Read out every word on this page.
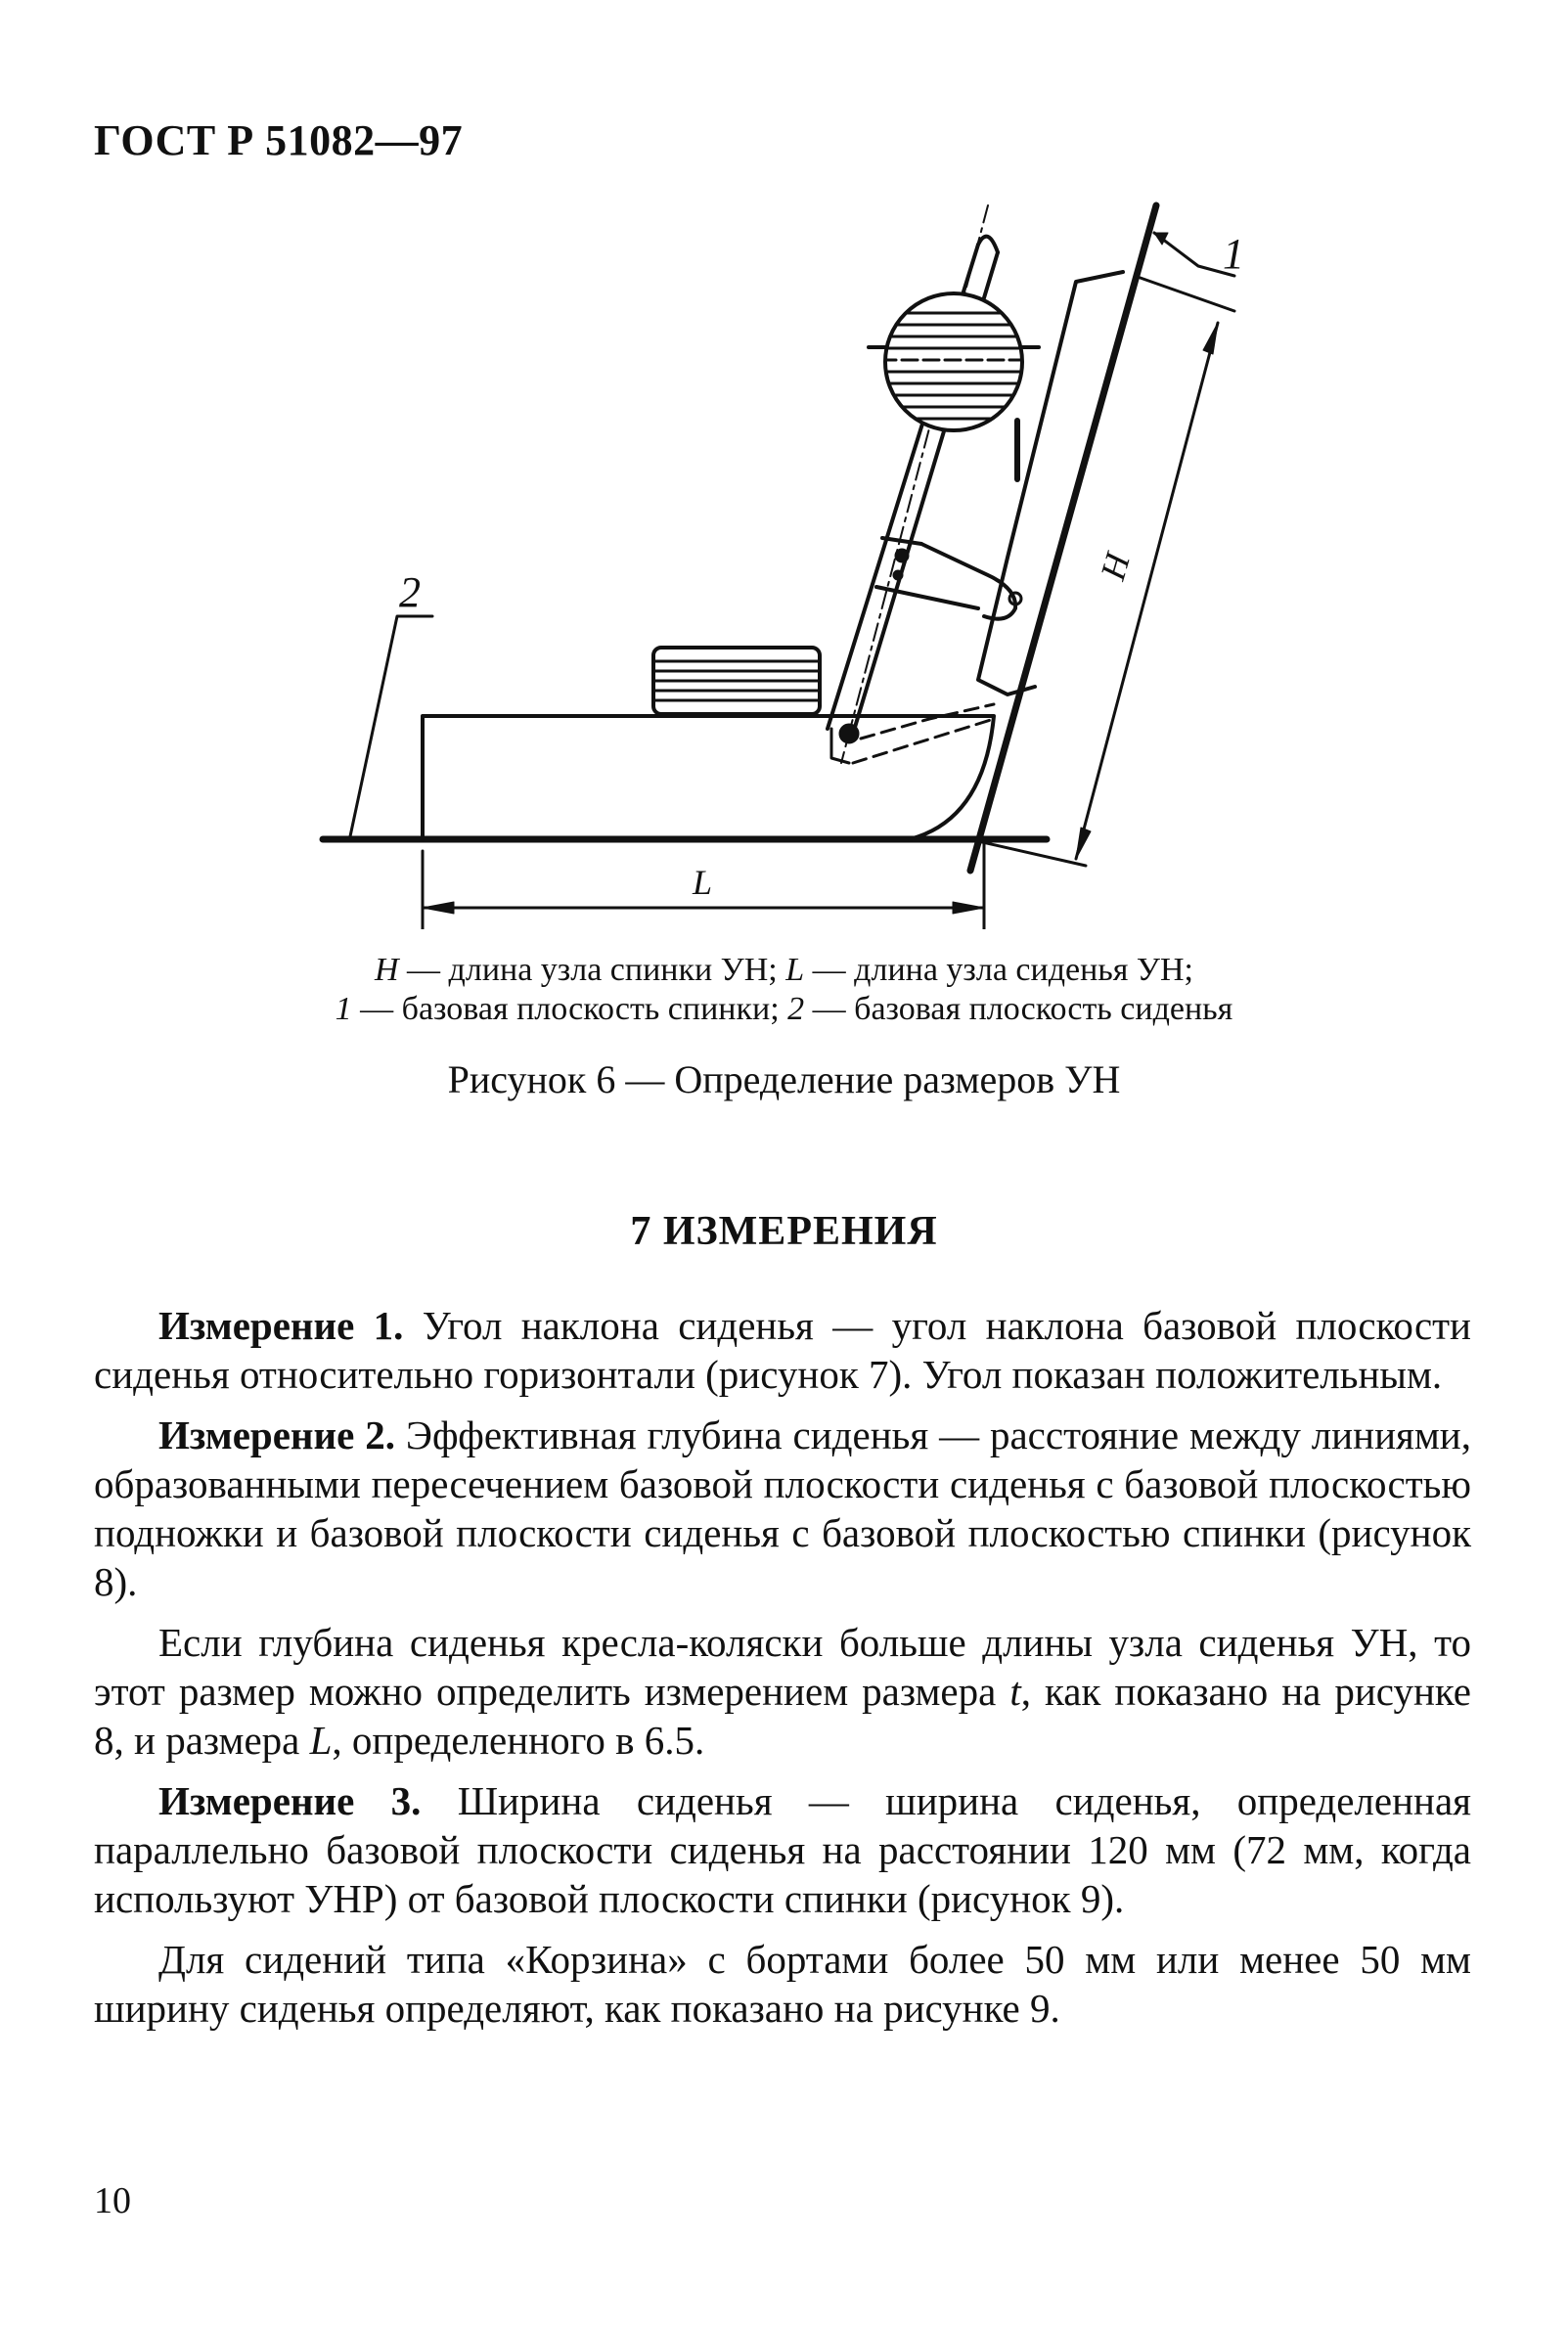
ГОСТ Р 51082—97
1
2
H
L
H — длина узла спинки УН; L — длина узла сиденья УН;
1 — базовая плоскость спинки; 2 — базовая плоскость сиденья
Рисунок 6 — Определение размеров УН
7 ИЗМЕРЕНИЯ

Измерение 1. Угол наклона сиденья — угол наклона базовой плоскости сиденья относительно горизонтали (рисунок 7). Угол показан положительным.

Измерение 2. Эффективная глубина сиденья — расстояние между линиями, образованными пересечением базовой плоскости сиденья с базовой плоскостью подножки и базовой плоскости сиденья с базовой плоскостью спинки (рисунок 8).

Если глубина сиденья кресла-коляски больше длины узла сиденья УН, то этот размер можно определить измерением размера t, как показано на рисунке 8, и размера L, определенного в 6.5.

Измерение 3. Ширина сиденья — ширина сиденья, определенная параллельно базовой плоскости сиденья на расстоянии 120 мм (72 мм, когда используют УНР) от базовой плоскости спинки (рисунок 9).

Для сидений типа «Корзина» с бортами более 50 мм или менее 50 мм ширину сиденья определяют, как показано на рисунке 9.

10
